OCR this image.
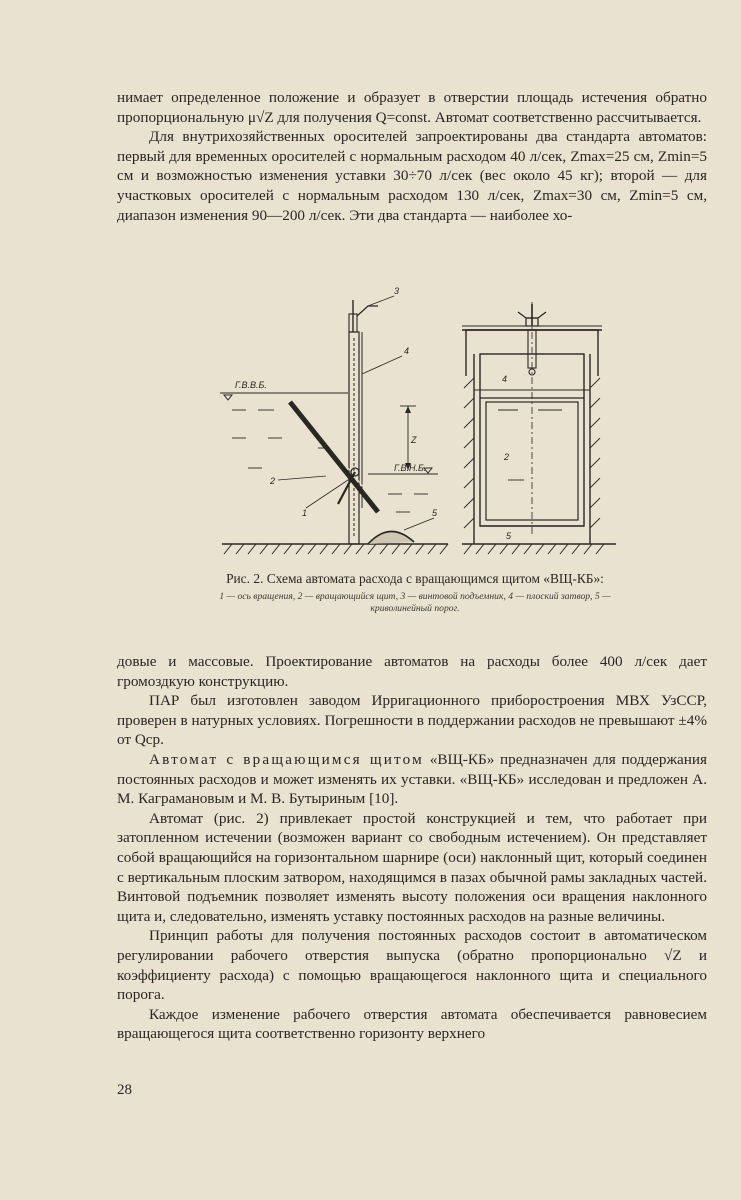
нимает определенное положение и образует в отверстии площадь истечения обратно пропорциональную μ√Z для получения Q=const. Автомат соответственно рассчитывается.

Для внутрихозяйственных оросителей запроектированы два стандарта автоматов: первый для временных оросителей с нормальным расходом 40 л/сек, Zmax=25 см, Zmin=5 см и возможностью изменения уставки 30÷70 л/сек (вес около 45 кг); второй — для участковых оросителей с нормальным расходом 130 л/сек, Zmax=30 см, Zmin=5 см, диапазон изменения 90—200 л/сек. Эти два стандарта — наиболее хо-

Г.В.В.Б.
Г.В.Н.Б.
Z
1
2
3
4
5
4
2
5
Рис. 2. Схема автомата расхода с вращающимся щитом «ВЩ-КБ»:
1 — ось вращения, 2 — вращающийся щит, 3 — винтовой подъемник, 4 — плоский затвор, 5 — криволинейный порог.

довые и массовые. Проектирование автоматов на расходы более 400 л/сек дает громоздкую конструкцию.

ПАР был изготовлен заводом Ирригационного приборостроения МВХ УзССР, проверен в натурных условиях. Погрешности в поддержании расходов не превышают ±4% от Qср.

Автомат с вращающимся щитом «ВЩ-КБ» предназначен для поддержания постоянных расходов и может изменять их уставки. «ВЩ-КБ» исследован и предложен А. М. Каграмановым и М. В. Бутыриным [10].

Автомат (рис. 2) привлекает простой конструкцией и тем, что работает при затопленном истечении (возможен вариант со свободным истечением). Он представляет собой вращающийся на горизонтальном шарнире (оси) наклонный щит, который соединен с вертикальным плоским затвором, находящимся в пазах обычной рамы закладных частей. Винтовой подъемник позволяет изменять высоту положения оси вращения наклонного щита и, следовательно, изменять уставку постоянных расходов на разные величины.

Принцип работы для получения постоянных расходов состоит в автоматическом регулировании рабочего отверстия выпуска (обратно пропорционально √Z и коэффициенту расхода) с помощью вращающегося наклонного щита и специального порога.

Каждое изменение рабочего отверстия автомата обеспечивается равновесием вращающегося щита соответственно горизонту верхнего

28
